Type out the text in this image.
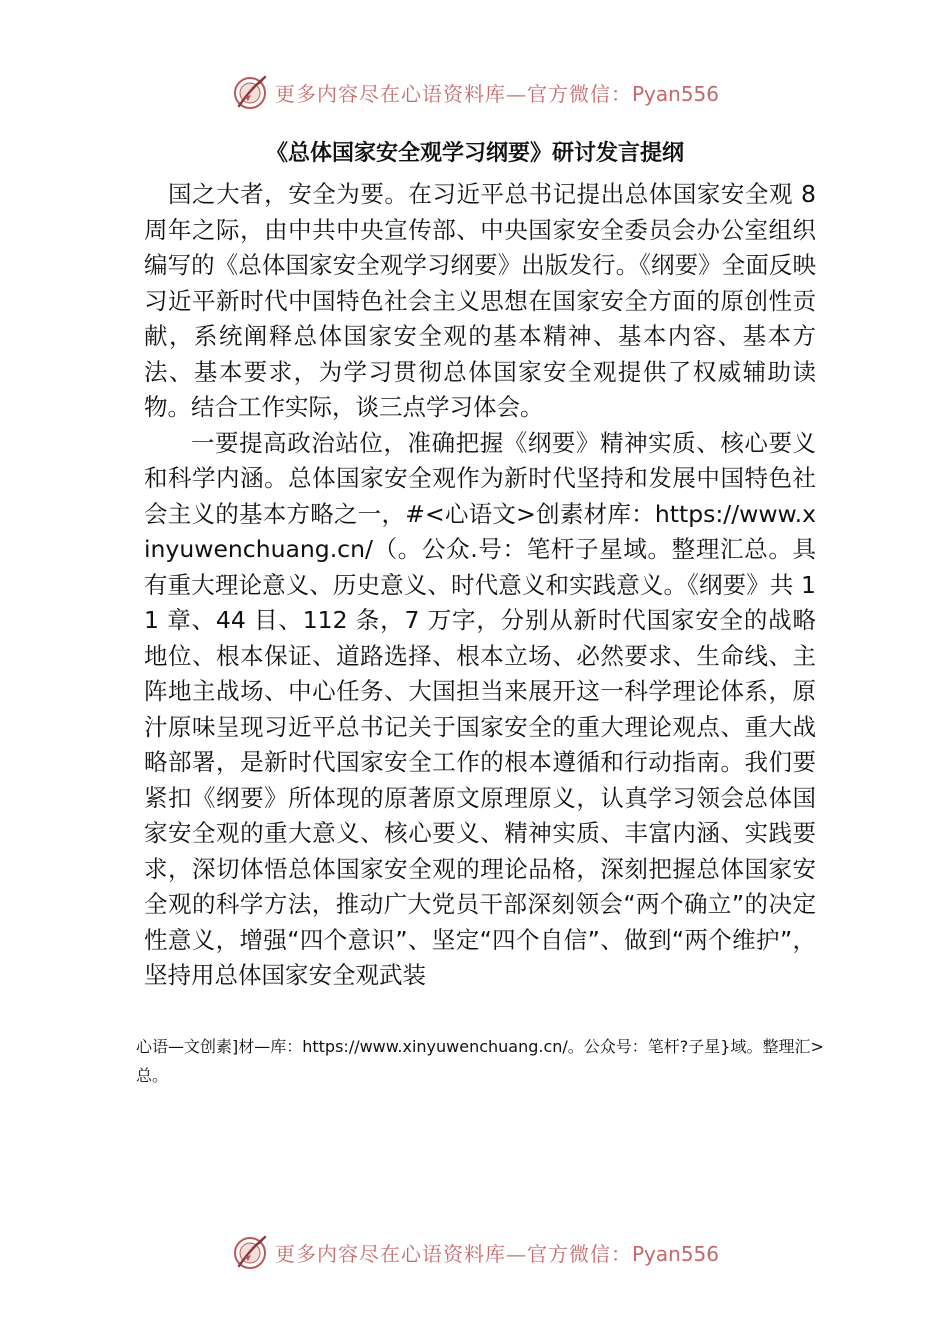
更多内容尽在心语资料库—官方微信：Pyan556
《总体国家安全观学习纲要》研讨发言提纲

国之大者，安全为要。在习近平总书记提出总体国家安全观 8 周年之际，由中共中央宣传部、中央国家安全委员会办公室组织编写的《总体国家安全观学习纲要》出版发行。《纲要》全面反映习近平新时代中国特色社会主义思想在国家安全方面的原创性贡献，系统阐释总体国家安全观的基本精神、基本内容、基本方法、基本要求，为学习贯彻总体国家安全观提供了权威辅助读物。结合工作实际，谈三点学习体会。

一要提高政治站位，准确把握《纲要》精神实质、核心要义和科学内涵。总体国家安全观作为新时代坚持和发展中国特色社会主义的基本方略之一，#<心语文>创素材库：https://www.xinyuwenchuang.cn/（。公众.号：笔杆子星域。整理汇总。具有重大理论意义、历史意义、时代意义和实践意义。《纲要》共 11 章、44 目、112 条，7 万字，分别从新时代国家安全的战略地位、根本保证、道路选择、根本立场、必然要求、生命线、主阵地主战场、中心任务、大国担当来展开这一科学理论体系，原汁原味呈现习近平总书记关于国家安全的重大理论观点、重大战略部署，是新时代国家安全工作的根本遵循和行动指南。我们要紧扣《纲要》所体现的原著原文原理原义，认真学习领会总体国家安全观的重大意义、核心要义、精神实质、丰富内涵、实践要求，深切体悟总体国家安全观的理论品格，深刻把握总体国家安全观的科学方法，推动广大党员干部深刻领会“两个确立”的决定性意义，增强“四个意识”、坚定“四个自信”、做到“两个维护”，坚持用总体国家安全观武装

心语—文创素]材—库：https://www.xinyuwenchuang.cn/。公众号：笔杆?子星}域。整理汇>总。
更多内容尽在心语资料库—官方微信：Pyan556
